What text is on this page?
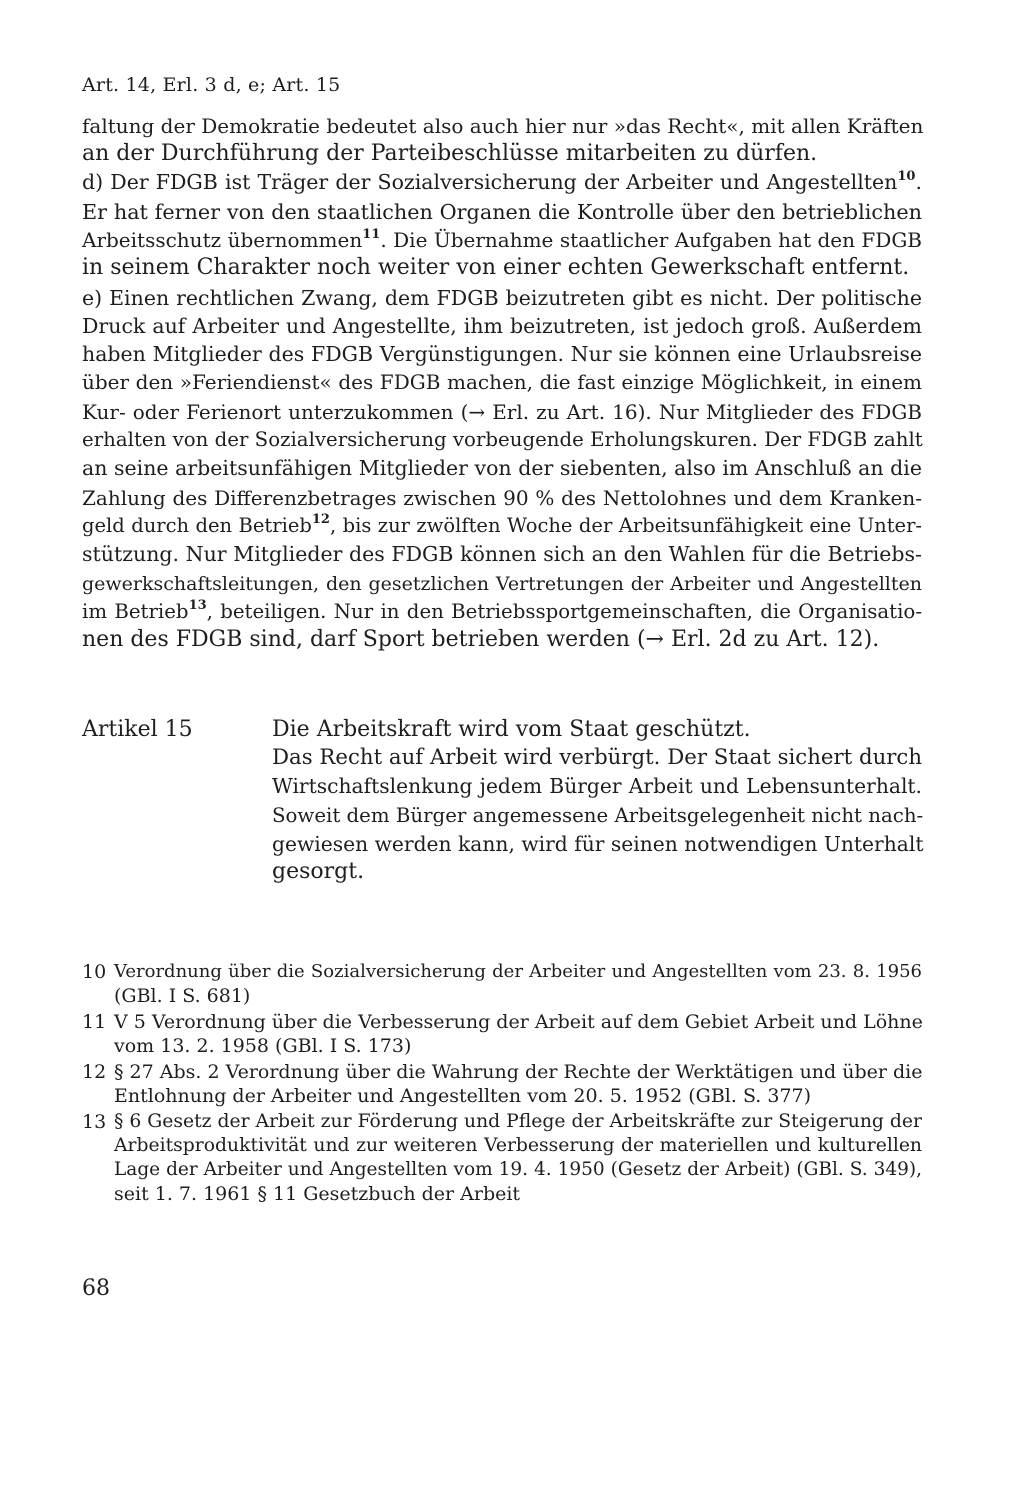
Art. 14, Erl. 3 d, e; Art. 15
faltung der Demokratie bedeutet also auch hier nur »das Recht«, mit allen Kräften
an der Durchführung der Parteibeschlüsse mitarbeiten zu dürfen.
d) Der FDGB ist Träger der Sozialversicherung der Arbeiter und Angestellten$^{10}$.
Er hat ferner von den staatlichen Organen die Kontrolle über den betrieblichen
Arbeitsschutz übernommen$^{11}$. Die Übernahme staatlicher Aufgaben hat den FDGB
in seinem Charakter noch weiter von einer echten Gewerkschaft entfernt.
e) Einen rechtlichen Zwang, dem FDGB beizutreten gibt es nicht. Der politische
Druck auf Arbeiter und Angestellte, ihm beizutreten, ist jedoch groß. Außerdem
haben Mitglieder des FDGB Vergünstigungen. Nur sie können eine Urlaubsreise
über den »Feriendienst« des FDGB machen, die fast einzige Möglichkeit, in einem
Kur- oder Ferienort unterzukommen (→ Erl. zu Art. 16). Nur Mitglieder des FDGB
erhalten von der Sozialversicherung vorbeugende Erholungskuren. Der FDGB zahlt
an seine arbeitsunfähigen Mitglieder von der siebenten, also im Anschluß an die
Zahlung des Differenzbetrages zwischen 90 % des Nettolohnes und dem Kranken-
geld durch den Betrieb$^{12}$, bis zur zwölften Woche der Arbeitsunfähigkeit eine Unter-
stützung. Nur Mitglieder des FDGB können sich an den Wahlen für die Betriebs-
gewerkschaftsleitungen, den gesetzlichen Vertretungen der Arbeiter und Angestellten
im Betrieb$^{13}$, beteiligen. Nur in den Betriebssportgemeinschaften, die Organisatio-
nen des FDGB sind, darf Sport betrieben werden (→ Erl. 2d zu Art. 12).
Artikel 15	Die Arbeitskraft wird vom Staat geschützt.
Das Recht auf Arbeit wird verbürgt. Der Staat sichert durch
Wirtschaftslenkung jedem Bürger Arbeit und Lebensunterhalt.
Soweit dem Bürger angemessene Arbeitsgelegenheit nicht nach-
gewiesen werden kann, wird für seinen notwendigen Unterhalt
gesorgt.
10 Verordnung über die Sozialversicherung der Arbeiter und Angestellten vom 23. 8. 1956
(GBl. I S. 681)
11 V 5 Verordnung über die Verbesserung der Arbeit auf dem Gebiet Arbeit und Löhne
vom 13. 2. 1958 (GBl. I S. 173)
12 § 27 Abs. 2 Verordnung über die Wahrung der Rechte der Werktätigen und über die
Entlohnung der Arbeiter und Angestellten vom 20. 5. 1952 (GBl. S. 377)
13 § 6 Gesetz der Arbeit zur Förderung und Pflege der Arbeitskräfte zur Steigerung der
Arbeitsproduktivität und zur weiteren Verbesserung der materiellen und kulturellen
Lage der Arbeiter und Angestellten vom 19. 4. 1950 (Gesetz der Arbeit) (GBl. S. 349),
seit 1. 7. 1961 § 11 Gesetzbuch der Arbeit
68
